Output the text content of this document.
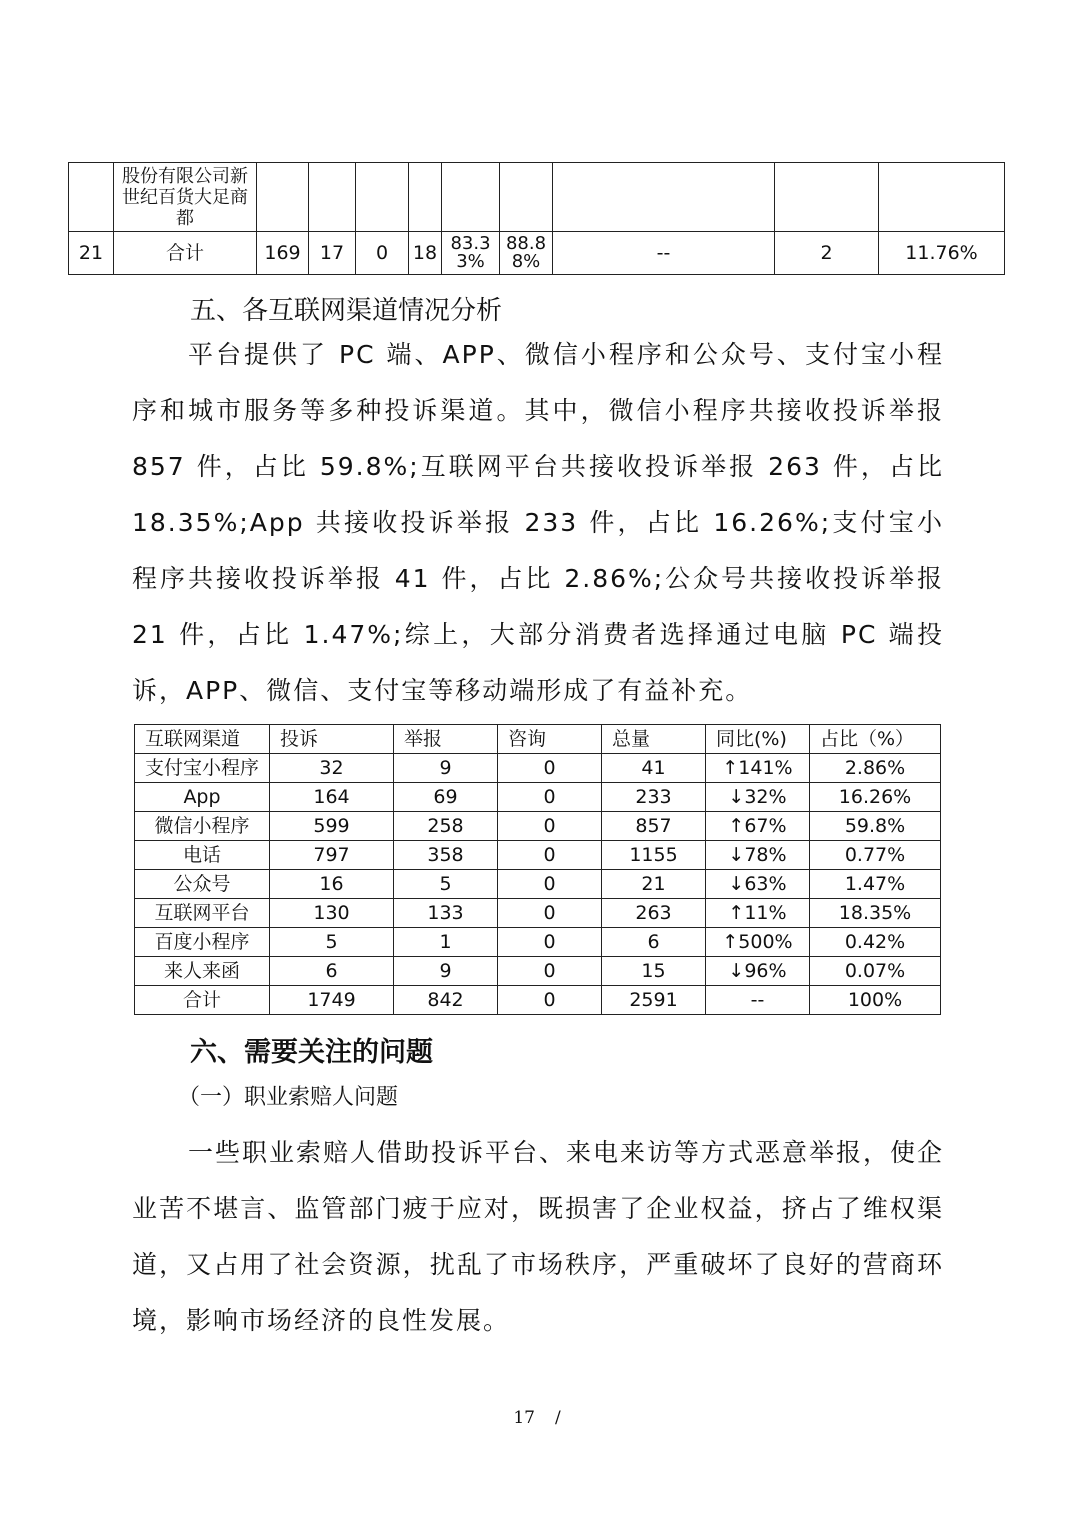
	股份有限公司新世纪百货大足商都									
21	合计	169	17	0	18	83.33%	88.88%	--	2	11.76%
五、各互联网渠道情况分析
平台提供了 PC 端、APP、微信小程序和公众号、支付宝小程序和城市服务等多种投诉渠道。其中，微信小程序共接收投诉举报 857 件，占比 59.8%;互联网平台共接收投诉举报 263 件，占比 18.35%;App 共接收投诉举报 233 件，占比 16.26%;支付宝小程序共接收投诉举报 41 件，占比 2.86%;公众号共接收投诉举报 21 件，占比 1.47%;综上，大部分消费者选择通过电脑 PC 端投诉，APP、微信、支付宝等移动端形成了有益补充。
互联网渠道	投诉	举报	咨询	总量	同比(%)	占比（%）
支付宝小程序	32	9	0	41	↑141%	2.86%
App	164	69	0	233	↓32%	16.26%
微信小程序	599	258	0	857	↑67%	59.8%
电话	797	358	0	1155	↓78%	0.77%
公众号	16	5	0	21	↓63%	1.47%
互联网平台	130	133	0	263	↑11%	18.35%
百度小程序	5	1	0	6	↑500%	0.42%
来人来函	6	9	0	15	↓96%	0.07%
合计	1749	842	0	2591	--	100%
六、需要关注的问题
（一）职业索赔人问题
一些职业索赔人借助投诉平台、来电来访等方式恶意举报，使企业苦不堪言、监管部门疲于应对，既损害了企业权益，挤占了维权渠道，又占用了社会资源，扰乱了市场秩序，严重破坏了良好的营商环境，影响市场经济的良性发展。
17 /
